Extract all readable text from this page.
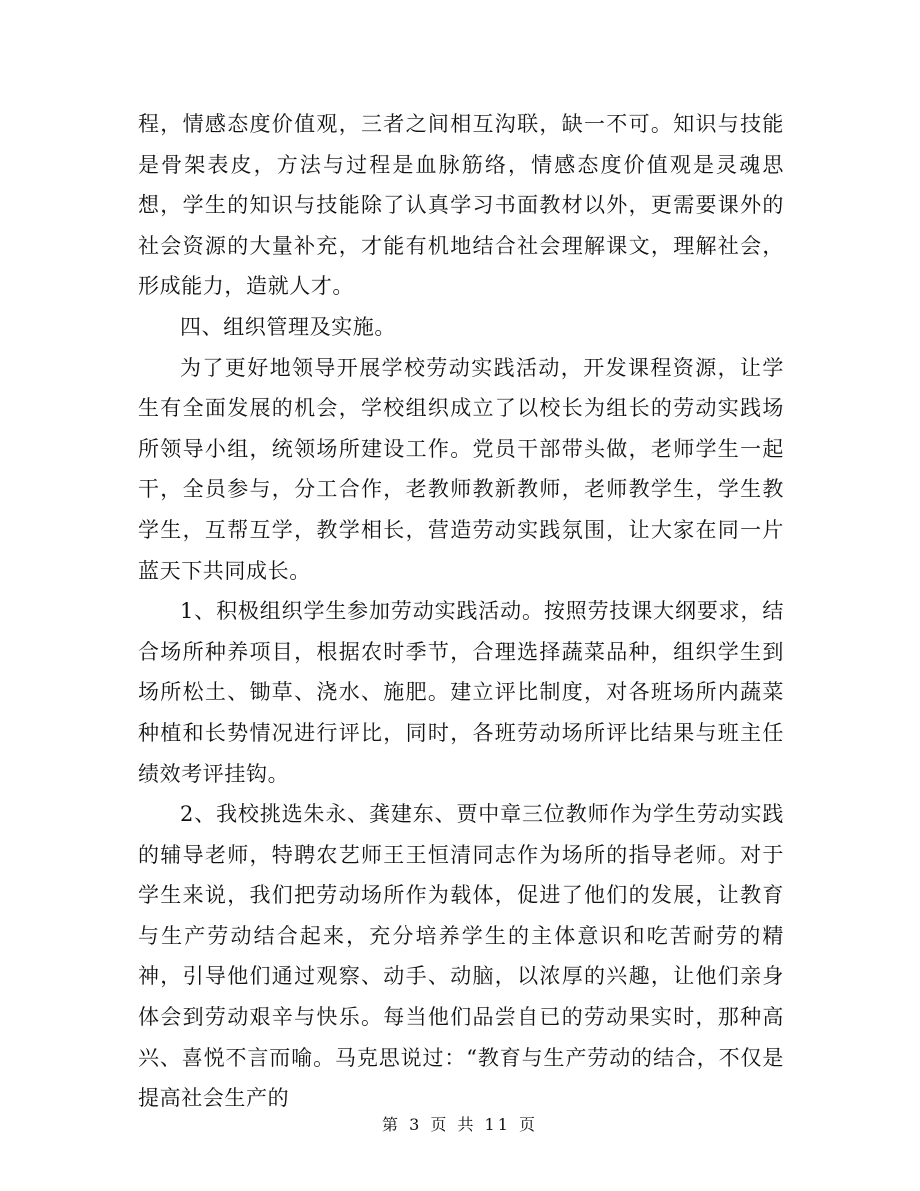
程，情感态度价值观，三者之间相互沟联，缺一不可。知识与技能是骨架表皮，方法与过程是血脉筋络，情感态度价值观是灵魂思想，学生的知识与技能除了认真学习书面教材以外，更需要课外的社会资源的大量补充，才能有机地结合社会理解课文，理解社会，形成能力，造就人才。

四、组织管理及实施。

为了更好地领导开展学校劳动实践活动，开发课程资源，让学生有全面发展的机会，学校组织成立了以校长为组长的劳动实践场所领导小组，统领场所建设工作。党员干部带头做，老师学生一起干，全员参与，分工合作，老教师教新教师，老师教学生，学生教学生，互帮互学，教学相长，营造劳动实践氛围，让大家在同一片蓝天下共同成长。

1、积极组织学生参加劳动实践活动。按照劳技课大纲要求，结合场所种养项目，根据农时季节，合理选择蔬菜品种，组织学生到场所松土、锄草、浇水、施肥。建立评比制度，对各班场所内蔬菜种植和长势情况进行评比，同时，各班劳动场所评比结果与班主任绩效考评挂钩。

2、我校挑选朱永、龚建东、贾中章三位教师作为学生劳动实践的辅导老师，特聘农艺师王王恒清同志作为场所的指导老师。对于学生来说，我们把劳动场所作为载体，促进了他们的发展，让教育与生产劳动结合起来，充分培养学生的主体意识和吃苦耐劳的精神，引导他们通过观察、动手、动脑，以浓厚的兴趣，让他们亲身体会到劳动艰辛与快乐。每当他们品尝自已的劳动果实时，那种高兴、喜悦不言而喻。马克思说过：“教育与生产劳动的结合，不仅是提高社会生产的

第 3 页 共 11 页
